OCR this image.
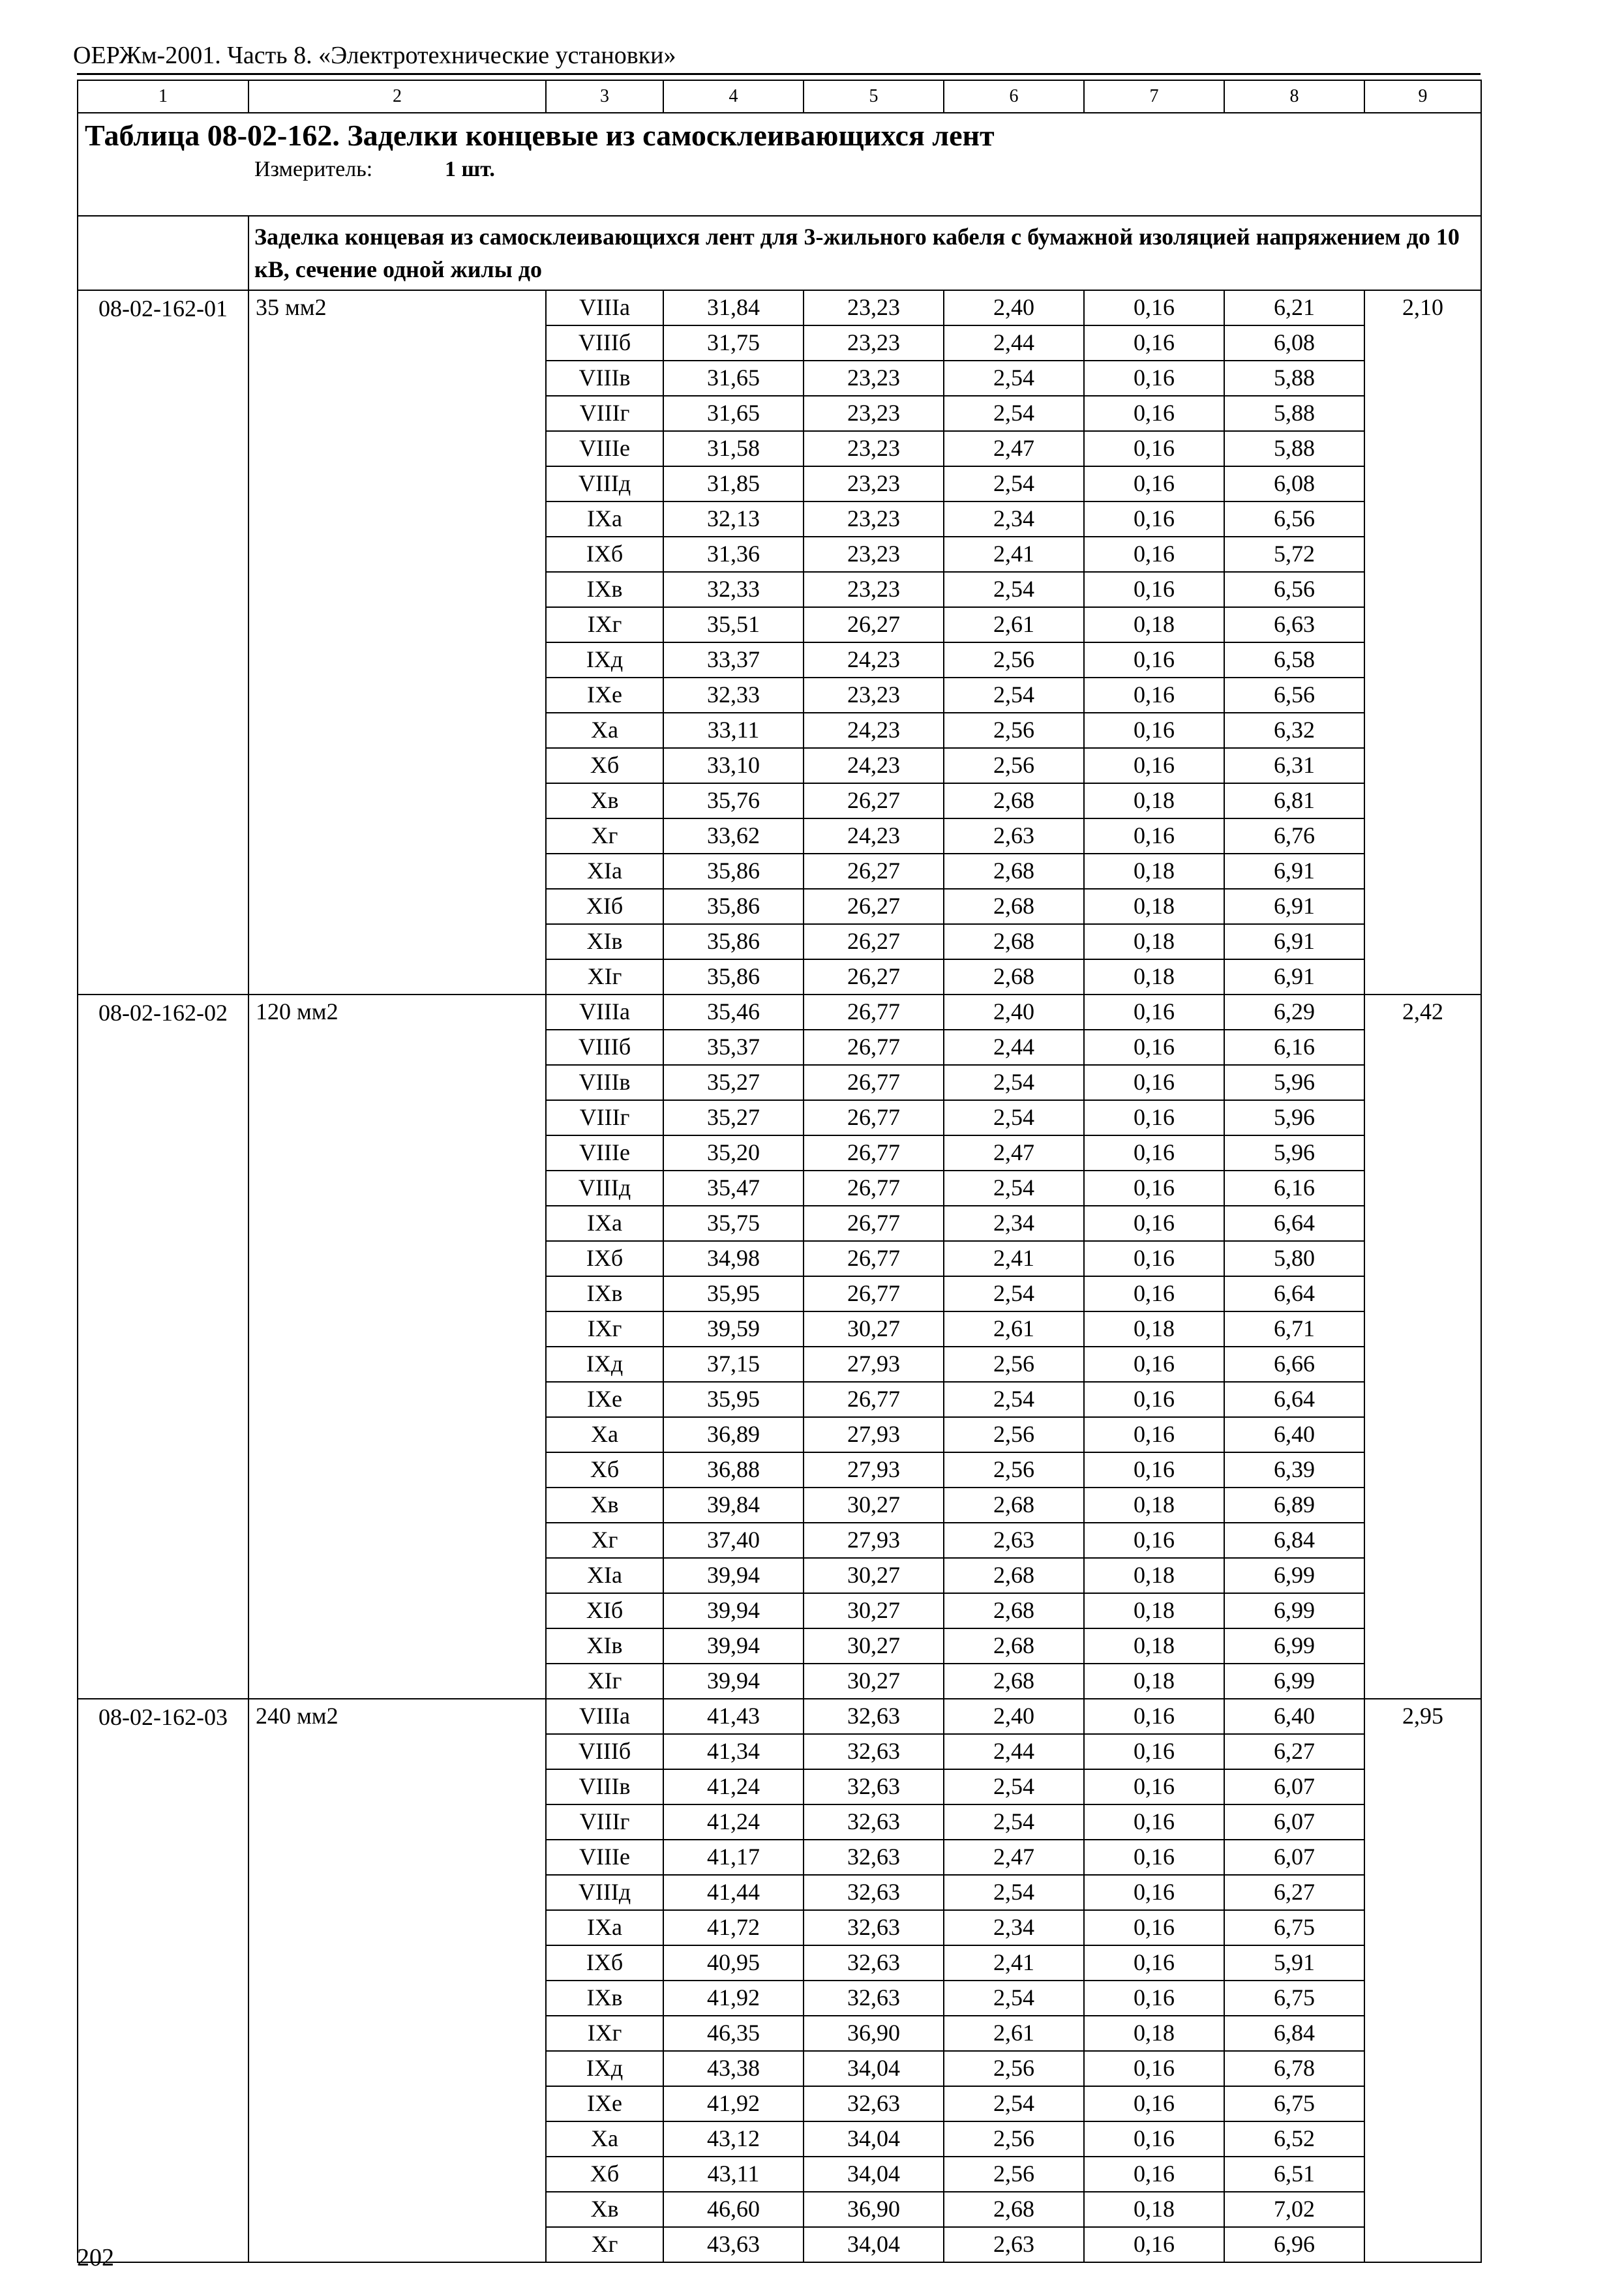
ОЕРЖм-2001. Часть 8. «Электротехнические установки»
1	2	3	4	5	6	7	8	9

Таблица 08-02-162. Заделки концевые из самосклеивающихся лент
Измеритель: 1 шт.								

	Заделка концевая из самосклеивающихся лент для 3-жильного кабеля с бумажной изоляцией напряжением до 10 кВ, сечение одной жилы до							
08-02-162-01	35 мм2	VIIIа	31,84	23,23	2,40	0,16	6,21	2,10
		VIIIб	31,75	23,23	2,44	0,16	6,08	
		VIIIв	31,65	23,23	2,54	0,16	5,88	
		VIIIг	31,65	23,23	2,54	0,16	5,88	
		VIIIе	31,58	23,23	2,47	0,16	5,88	
		VIIIд	31,85	23,23	2,54	0,16	6,08	
		IХа	32,13	23,23	2,34	0,16	6,56	
		IХб	31,36	23,23	2,41	0,16	5,72	
		IХв	32,33	23,23	2,54	0,16	6,56	
		IХг	35,51	26,27	2,61	0,18	6,63	
		IХд	33,37	24,23	2,56	0,16	6,58	
		IХе	32,33	23,23	2,54	0,16	6,56	
		Ха	33,11	24,23	2,56	0,16	6,32	
		Хб	33,10	24,23	2,56	0,16	6,31	
		Хв	35,76	26,27	2,68	0,18	6,81	
		Хг	33,62	24,23	2,63	0,16	6,76	
		ХIа	35,86	26,27	2,68	0,18	6,91	
		ХIб	35,86	26,27	2,68	0,18	6,91	
		ХIв	35,86	26,27	2,68	0,18	6,91	
		ХIг	35,86	26,27	2,68	0,18	6,91	
08-02-162-02	120 мм2	VIIIа	35,46	26,77	2,40	0,16	6,29	2,42
		VIIIб	35,37	26,77	2,44	0,16	6,16	
		VIIIв	35,27	26,77	2,54	0,16	5,96	
		VIIIг	35,27	26,77	2,54	0,16	5,96	
		VIIIе	35,20	26,77	2,47	0,16	5,96	
		VIIIд	35,47	26,77	2,54	0,16	6,16	
		IХа	35,75	26,77	2,34	0,16	6,64	
		IХб	34,98	26,77	2,41	0,16	5,80	
		IХв	35,95	26,77	2,54	0,16	6,64	
		IХг	39,59	30,27	2,61	0,18	6,71	
		IХд	37,15	27,93	2,56	0,16	6,66	
		IХе	35,95	26,77	2,54	0,16	6,64	
		Ха	36,89	27,93	2,56	0,16	6,40	
		Хб	36,88	27,93	2,56	0,16	6,39	
		Хв	39,84	30,27	2,68	0,18	6,89	
		Хг	37,40	27,93	2,63	0,16	6,84	
		ХIа	39,94	30,27	2,68	0,18	6,99	
		ХIб	39,94	30,27	2,68	0,18	6,99	
		ХIв	39,94	30,27	2,68	0,18	6,99	
		ХIг	39,94	30,27	2,68	0,18	6,99	
08-02-162-03	240 мм2	VIIIа	41,43	32,63	2,40	0,16	6,40	2,95
		VIIIб	41,34	32,63	2,44	0,16	6,27	
		VIIIв	41,24	32,63	2,54	0,16	6,07	
		VIIIг	41,24	32,63	2,54	0,16	6,07	
		VIIIе	41,17	32,63	2,47	0,16	6,07	
		VIIIд	41,44	32,63	2,54	0,16	6,27	
		IХа	41,72	32,63	2,34	0,16	6,75	
		IХб	40,95	32,63	2,41	0,16	5,91	
		IХв	41,92	32,63	2,54	0,16	6,75	
		IХг	46,35	36,90	2,61	0,18	6,84	
		IХд	43,38	34,04	2,56	0,16	6,78	
		IХе	41,92	32,63	2,54	0,16	6,75	
		Ха	43,12	34,04	2,56	0,16	6,52	
		Хб	43,11	34,04	2,56	0,16	6,51	
		Хв	46,60	36,90	2,68	0,18	7,02	
		Хг	43,63	34,04	2,63	0,16	6,96	
202
